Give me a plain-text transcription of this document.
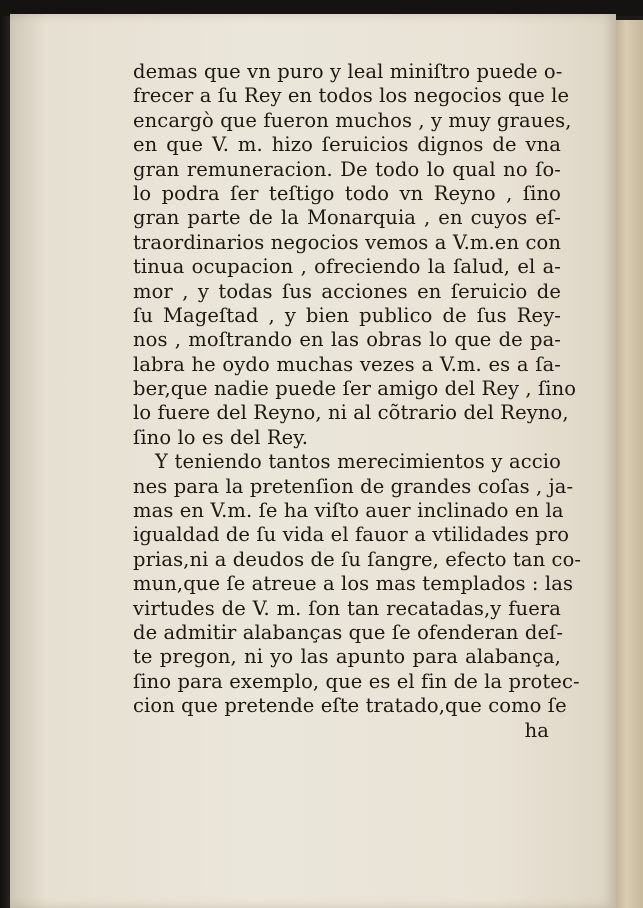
demas que vn puro y leal miniſtro puede o-
frecer a ſu Rey en todos los negocios que le
encargò que fueron muchos , y muy graues,
en que V. m. hizo ſeruicios dignos de vna
gran remuneracion. De todo lo qual no ſo-
lo podra ſer teſtigo todo vn Reyno , ſino
gran parte de la Monarquia , en cuyos eſ-
traordinarios negocios vemos a V.m.en con
tinua ocupacion , ofreciendo la ſalud, el a-
mor , y todas ſus acciones en ſeruicio de
ſu Mageſtad , y bien publico de ſus Rey-
nos , moſtrando en las obras lo que de pa-
labra he oydo muchas vezes a V.m. es a ſa-
ber,que nadie puede ſer amigo del Rey , ſino
lo fuere del Reyno, ni al cõtrario del Reyno,
ſino lo es del Rey.
Y teniendo tantos merecimientos y accio
nes para la pretenſion de grandes coſas , ja-
mas en V.m. ſe ha viſto auer inclinado en la
igualdad de ſu vida el fauor a vtilidades pro
prias,ni a deudos de ſu ſangre, efecto tan co-
mun,que ſe atreue a los mas templados : las
virtudes de V. m. ſon tan recatadas,y fuera
de admitir alabanças que ſe ofenderan deſ-
te pregon, ni yo las apunto para alabança,
ſino para exemplo, que es el fin de la protec-
cion que pretende eſte tratado,que como ſe
ha
